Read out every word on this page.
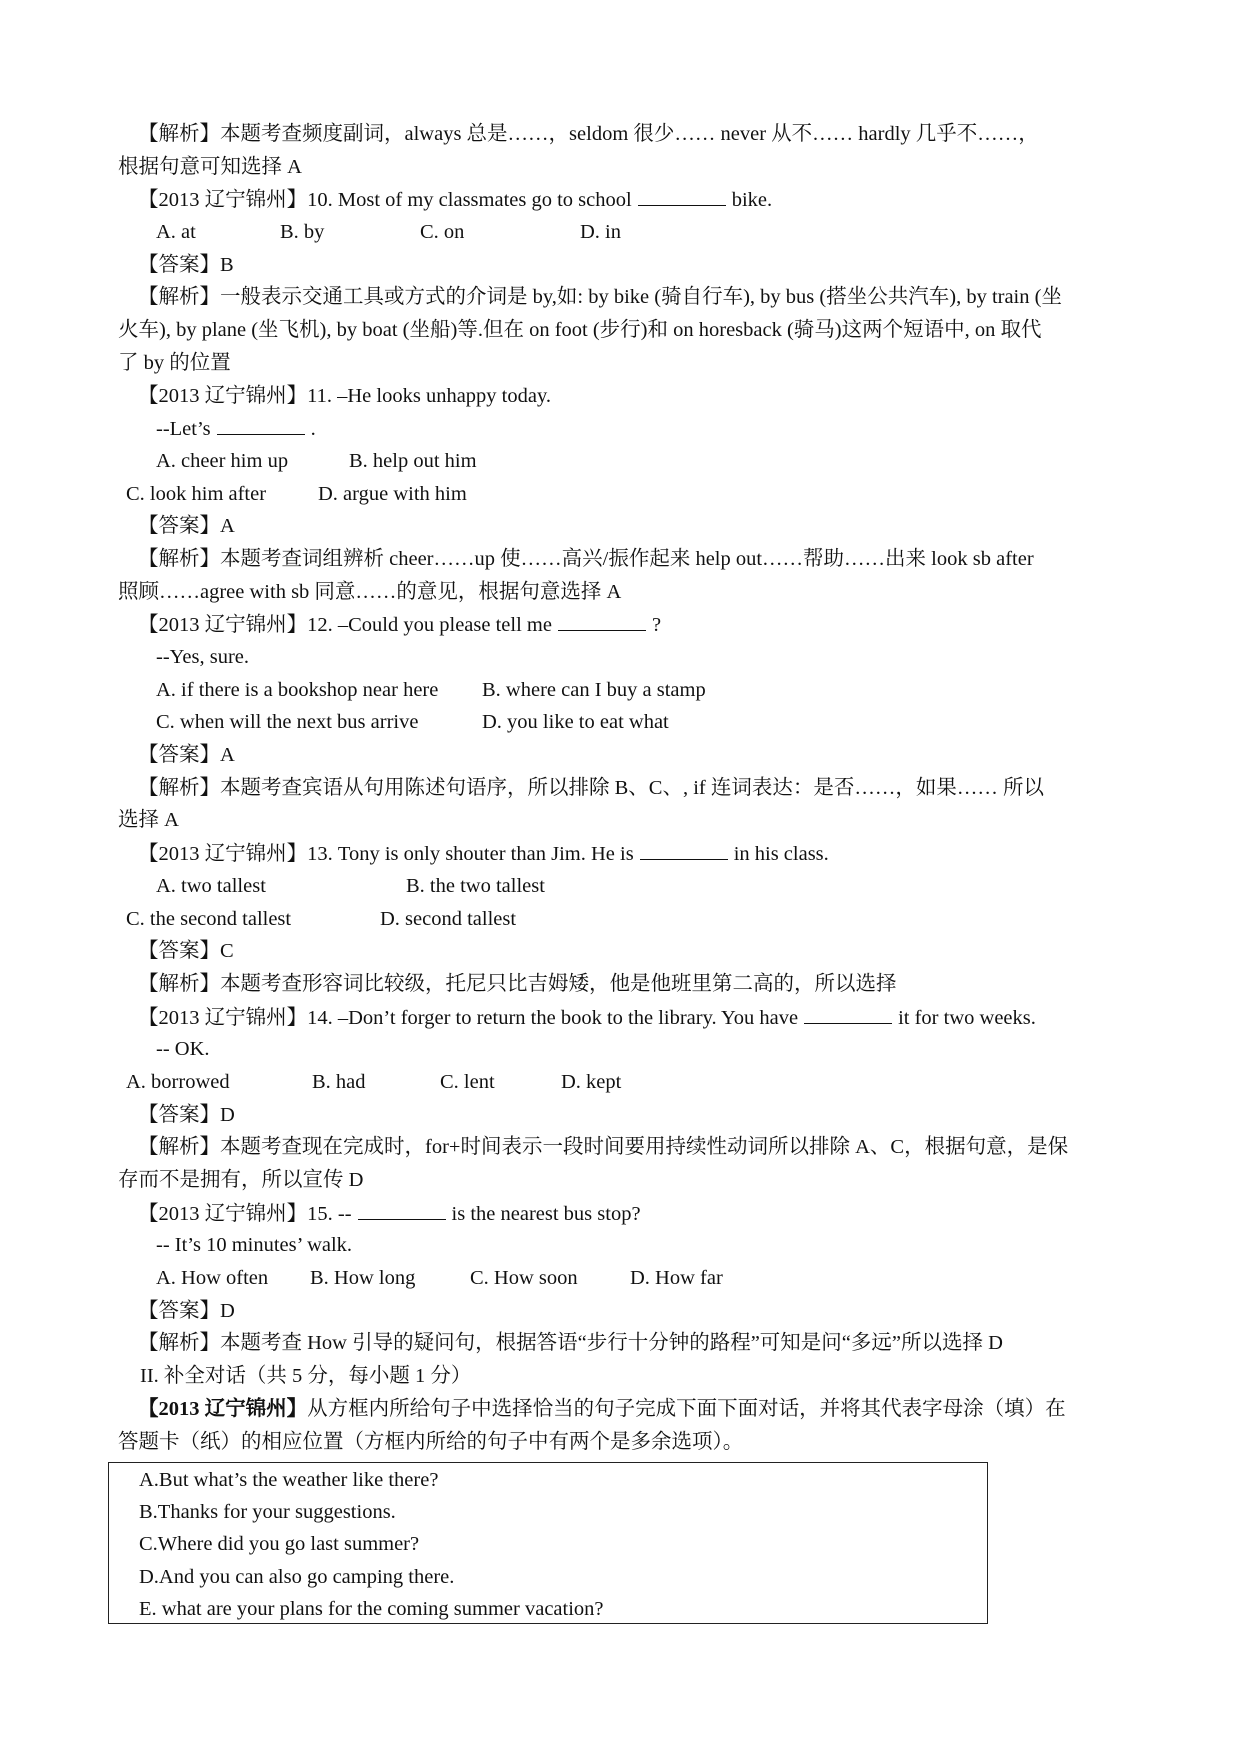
【解析】本题考查频度副词，always 总是……，seldom 很少…… never 从不…… hardly 几乎不……，
根据句意可知选择 A
【2013 辽宁锦州】10. Most of my classmates go to school	bike.
A. at	B. by	C. on	D. in
【答案】B
【解析】一般表示交通工具或方式的介词是 by,如: by bike (骑自行车), by bus (搭坐公共汽车), by train (坐
火车), by plane (坐飞机), by boat (坐船)等.但在 on foot (步行)和 on horesback (骑马)这两个短语中, on 取代
了 by 的位置
【2013 辽宁锦州】11. –He looks unhappy today.
--Let’s	.
A. cheer him up	B. help out him
C. look him after	D. argue with him
【答案】A
【解析】本题考查词组辨析 cheer……up 使……高兴/振作起来 help out……帮助……出来 look sb after
照顾……agree with sb 同意……的意见，根据句意选择 A
【2013 辽宁锦州】12. –Could you please tell me	?
--Yes, sure.
A. if there is a bookshop near here B. where can I buy a stamp
C. when will the next bus arrive	D. you like to eat what
【答案】A
【解析】本题考查宾语从句用陈述句语序，所以排除 B、C、, if 连词表达：是否……，如果…… 所以
选择 A
【2013 辽宁锦州】13. Tony is only shouter than Jim. He is	in his class.
A. two tallest	B. the two tallest
C. the second tallest	D. second tallest
【答案】C
【解析】本题考查形容词比较级，托尼只比吉姆矮，他是他班里第二高的，所以选择
【2013 辽宁锦州】14. –Don’t forger to return the book to the library. You have	it for two weeks.
-- OK.
A. borrowed	B. had	C. lent	D. kept
【答案】D
【解析】本题考查现在完成时，for+时间表示一段时间要用持续性动词所以排除 A、C，根据句意，是保
存而不是拥有，所以宣传 D
【2013 辽宁锦州】15. --	is the nearest bus stop?
-- It’s 10 minutes’ walk.
A. How often B. How long	C. How soon	D. How far
【答案】D
【解析】本题考查 How 引导的疑问句，根据答语“步行十分钟的路程”可知是问“多远”所以选择 D
II. 补全对话（共 5 分，每小题 1 分）
【2013 辽宁锦州】从方框内所给句子中选择恰当的句子完成下面下面对话，并将其代表字母涂（填）在
答题卡（纸）的相应位置（方框内所给的句子中有两个是多余选项）。
A.But what’s the weather like there?
B.Thanks for your suggestions.
C.Where did you go last summer?
D.And you can also go camping there.
E. what are your plans for the coming summer vacation?
